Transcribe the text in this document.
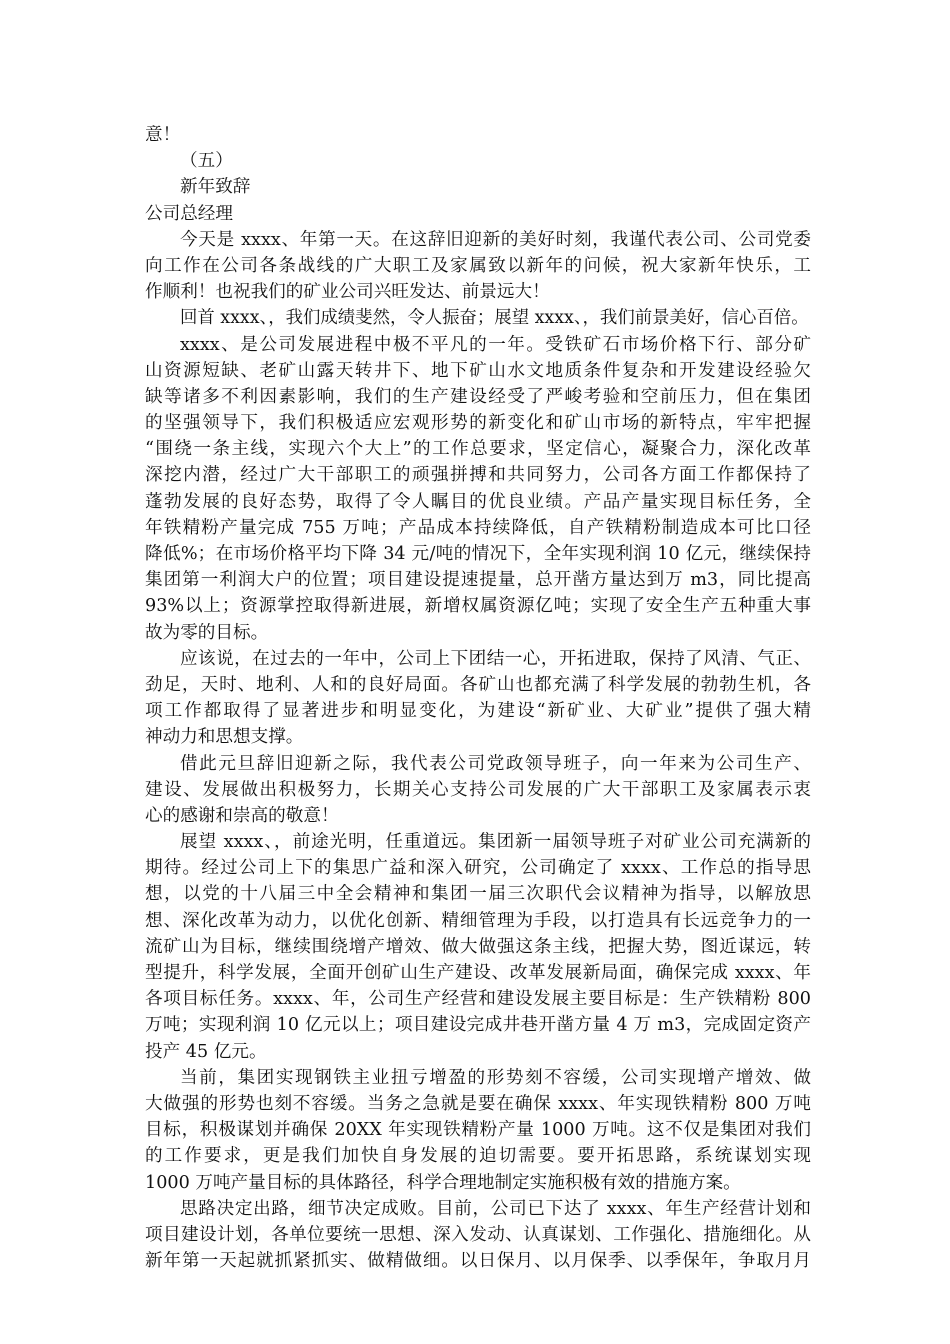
意！
（五）
新年致辞
公司总经理
今天是 xxxx、年第一天。在这辞旧迎新的美好时刻，我谨代表公司、公司党委
向工作在公司各条战线的广大职工及家属致以新年的问候，祝大家新年快乐，工
作顺利！也祝我们的矿业公司兴旺发达、前景远大！
回首 xxxx、，我们成绩斐然，令人振奋；展望 xxxx、，我们前景美好，信心百倍。
xxxx、是公司发展进程中极不平凡的一年。受铁矿石市场价格下行、部分矿
山资源短缺、老矿山露天转井下、地下矿山水文地质条件复杂和开发建设经验欠
缺等诸多不利因素影响，我们的生产建设经受了严峻考验和空前压力，但在集团
的坚强领导下，我们积极适应宏观形势的新变化和矿山市场的新特点，牢牢把握
“围绕一条主线，实现六个大上”的工作总要求，坚定信心，凝聚合力，深化改革
深挖内潜，经过广大干部职工的顽强拼搏和共同努力，公司各方面工作都保持了
蓬勃发展的良好态势，取得了令人瞩目的优良业绩。产品产量实现目标任务，全
年铁精粉产量完成 755 万吨；产品成本持续降低，自产铁精粉制造成本可比口径
降低%；在市场价格平均下降 34 元/吨的情况下，全年实现利润 10 亿元，继续保持
集团第一利润大户的位置；项目建设提速提量，总开凿方量达到万 m3，同比提高
93%以上；资源掌控取得新进展，新增权属资源亿吨；实现了安全生产五种重大事
故为零的目标。
应该说，在过去的一年中，公司上下团结一心，开拓进取，保持了风清、气正、
劲足，天时、地利、人和的良好局面。各矿山也都充满了科学发展的勃勃生机，各
项工作都取得了显著进步和明显变化，为建设“新矿业、大矿业”提供了强大精
神动力和思想支撑。
借此元旦辞旧迎新之际，我代表公司党政领导班子，向一年来为公司生产、
建设、发展做出积极努力，长期关心支持公司发展的广大干部职工及家属表示衷
心的感谢和崇高的敬意！
展望 xxxx、，前途光明，任重道远。集团新一届领导班子对矿业公司充满新的
期待。经过公司上下的集思广益和深入研究，公司确定了 xxxx、工作总的指导思
想，以党的十八届三中全会精神和集团一届三次职代会议精神为指导，以解放思
想、深化改革为动力，以优化创新、精细管理为手段，以打造具有长远竞争力的一
流矿山为目标，继续围绕增产增效、做大做强这条主线，把握大势，图近谋远，转
型提升，科学发展，全面开创矿山生产建设、改革发展新局面，确保完成 xxxx、年
各项目标任务。xxxx、年，公司生产经营和建设发展主要目标是：生产铁精粉 800
万吨；实现利润 10 亿元以上；项目建设完成井巷开凿方量 4 万 m3，完成固定资产
投产 45 亿元。
当前，集团实现钢铁主业扭亏增盈的形势刻不容缓，公司实现增产增效、做
大做强的形势也刻不容缓。当务之急就是要在确保 xxxx、年实现铁精粉 800 万吨
目标，积极谋划并确保 20XX 年实现铁精粉产量 1000 万吨。这不仅是集团对我们
的工作要求，更是我们加快自身发展的迫切需要。要开拓思路，系统谋划实现
1000 万吨产量目标的具体路径，科学合理地制定实施积极有效的措施方案。
思路决定出路，细节决定成败。目前，公司已下达了 xxxx、年生产经营计划和
项目建设计划，各单位要统一思想、深入发动、认真谋划、工作强化、措施细化。从
新年第一天起就抓紧抓实、做精做细。以日保月、以月保季、以季保年，争取月月
